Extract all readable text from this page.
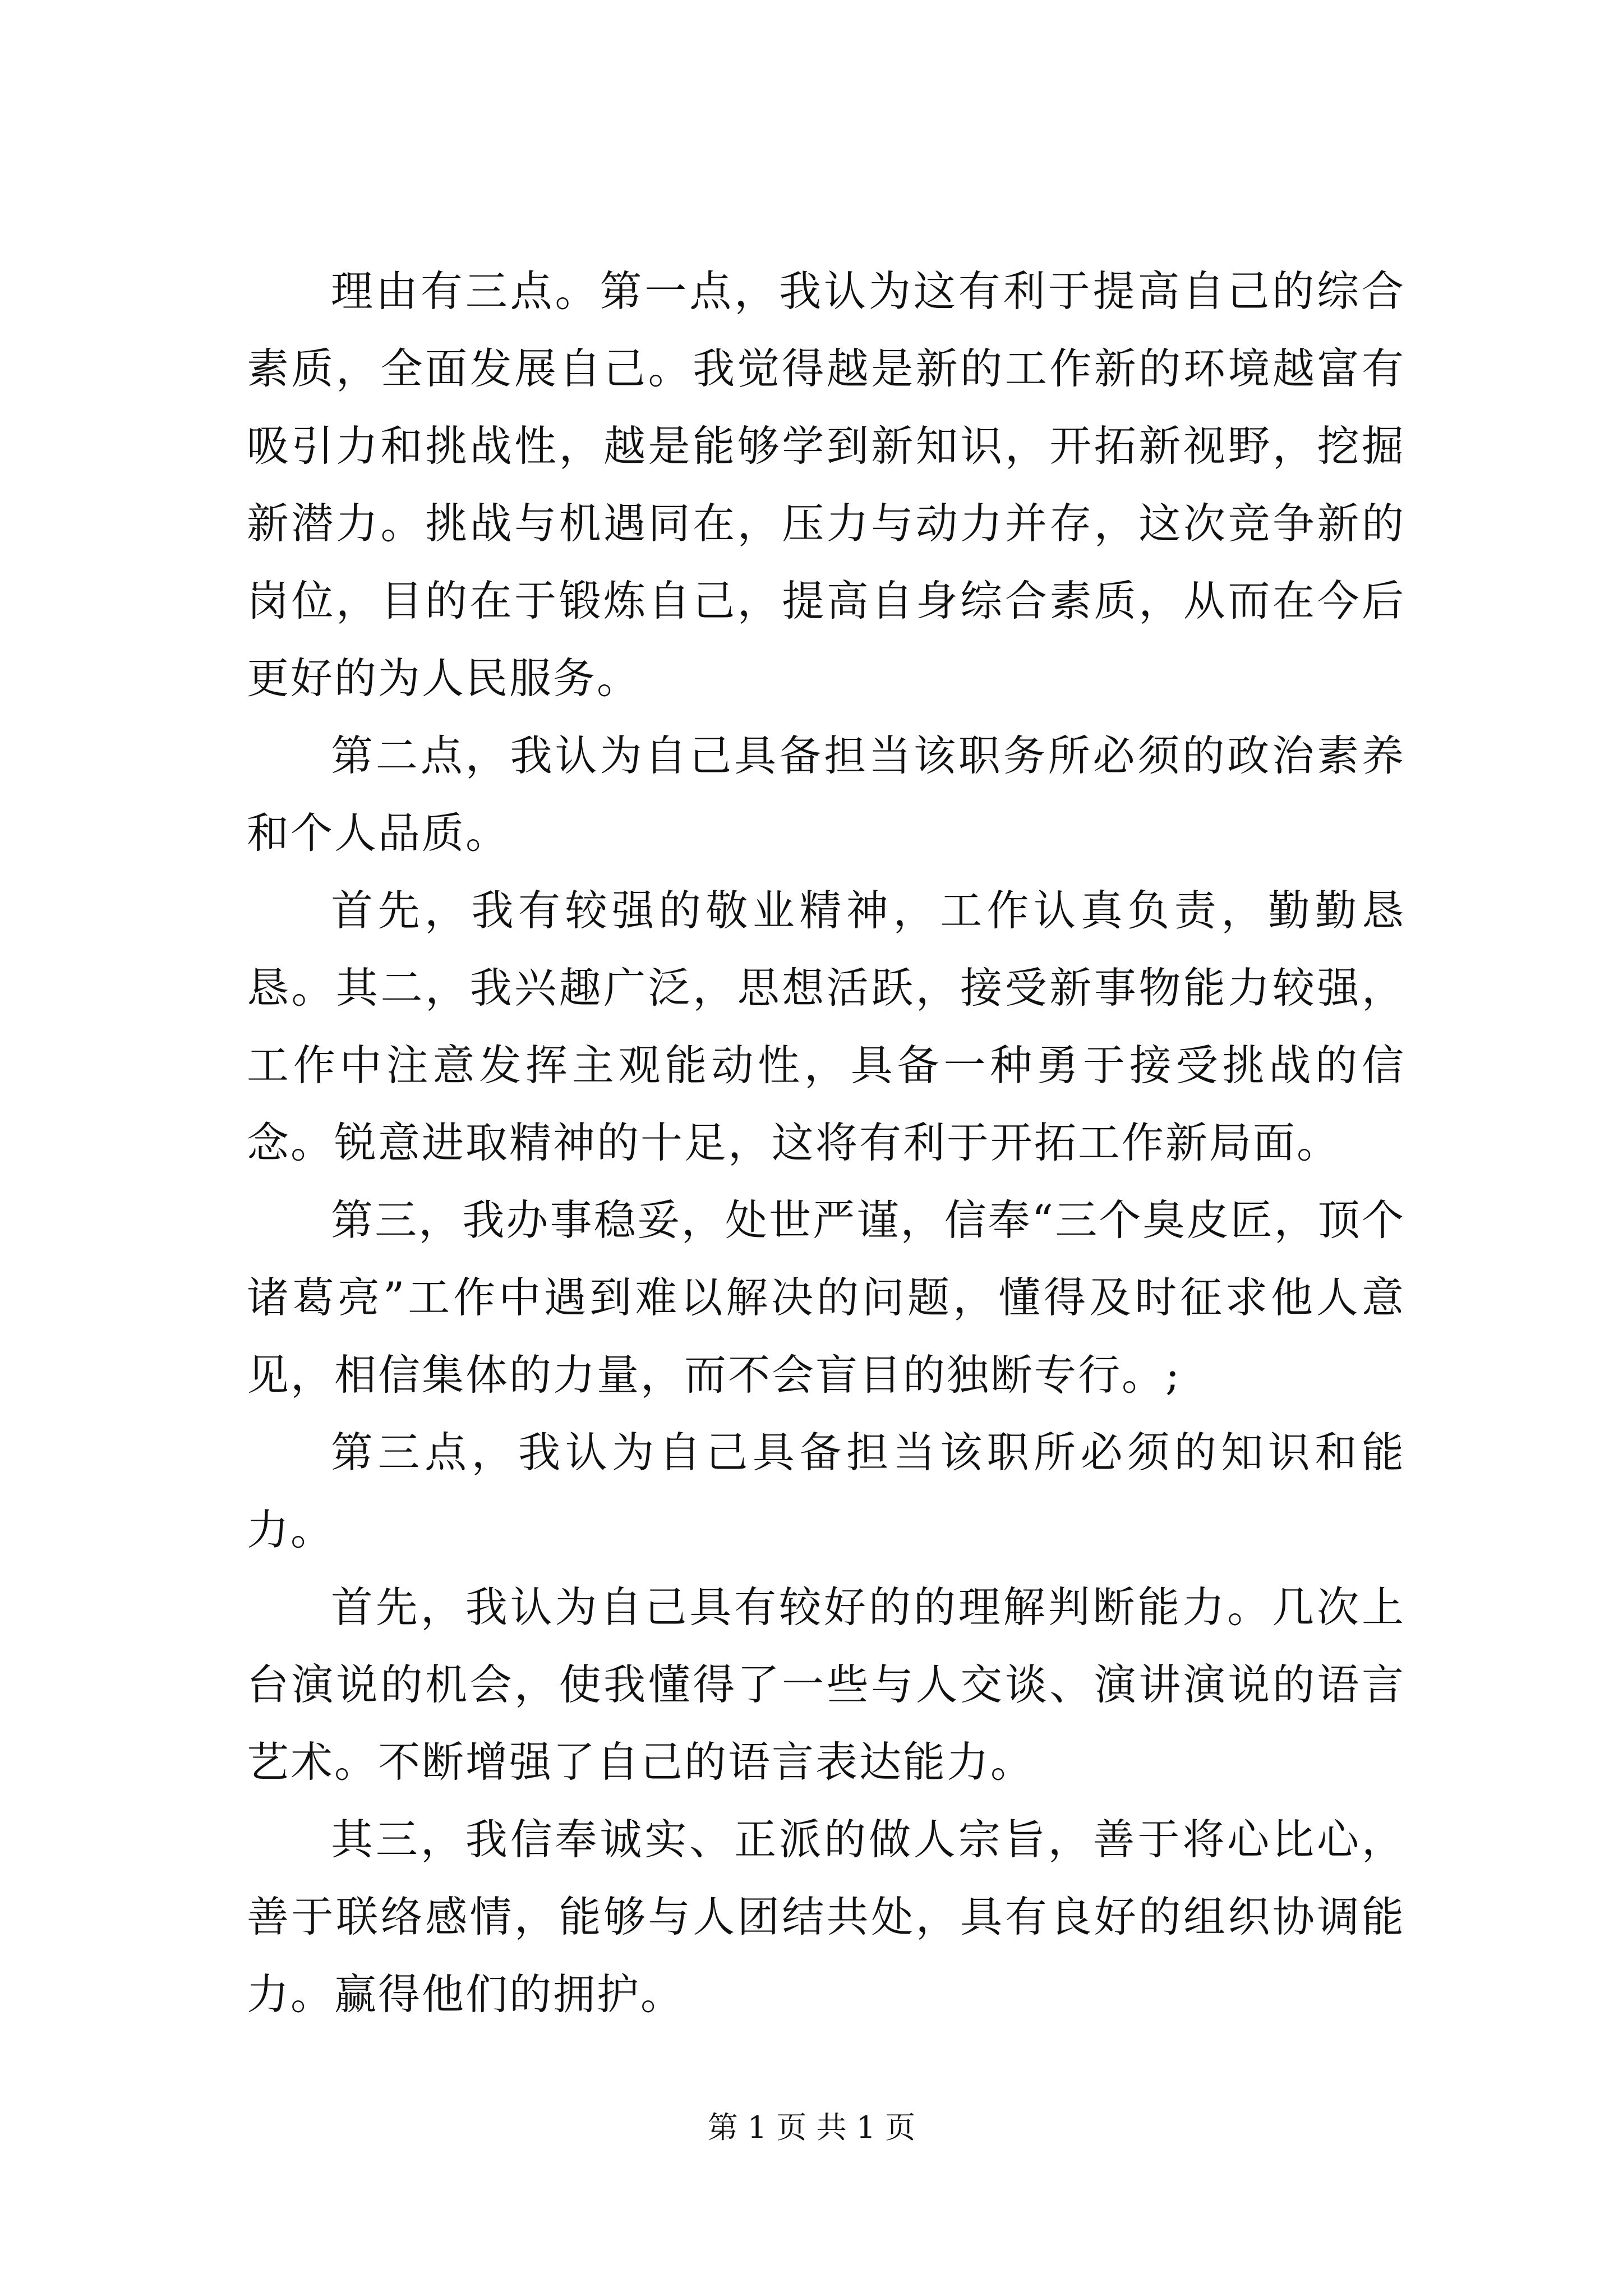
理由有三点。第一点，我认为这有利于提高自己的综合素质，全面发展自己。我觉得越是新的工作新的环境越富有吸引力和挑战性，越是能够学到新知识，开拓新视野，挖掘新潜力。挑战与机遇同在，压力与动力并存，这次竞争新的岗位，目的在于锻炼自己，提高自身综合素质，从而在今后更好的为人民服务。

第二点，我认为自己具备担当该职务所必须的政治素养和个人品质。

首先，我有较强的敬业精神，工作认真负责，勤勤恳恳。其二，我兴趣广泛，思想活跃，接受新事物能力较强，工作中注意发挥主观能动性，具备一种勇于接受挑战的信念。锐意进取精神的十足，这将有利于开拓工作新局面。

第三，我办事稳妥，处世严谨，信奉“三个臭皮匠，顶个诸葛亮”工作中遇到难以解决的问题，懂得及时征求他人意见，相信集体的力量，而不会盲目的独断专行。;

第三点，我认为自己具备担当该职所必须的知识和能力。

首先，我认为自己具有较好的的理解判断能力。几次上台演说的机会，使我懂得了一些与人交谈、演讲演说的语言艺术。不断增强了自己的语言表达能力。

其三，我信奉诚实、正派的做人宗旨，善于将心比心，善于联络感情，能够与人团结共处，具有良好的组织协调能力。赢得他们的拥护。

第 1 页 共 1 页
